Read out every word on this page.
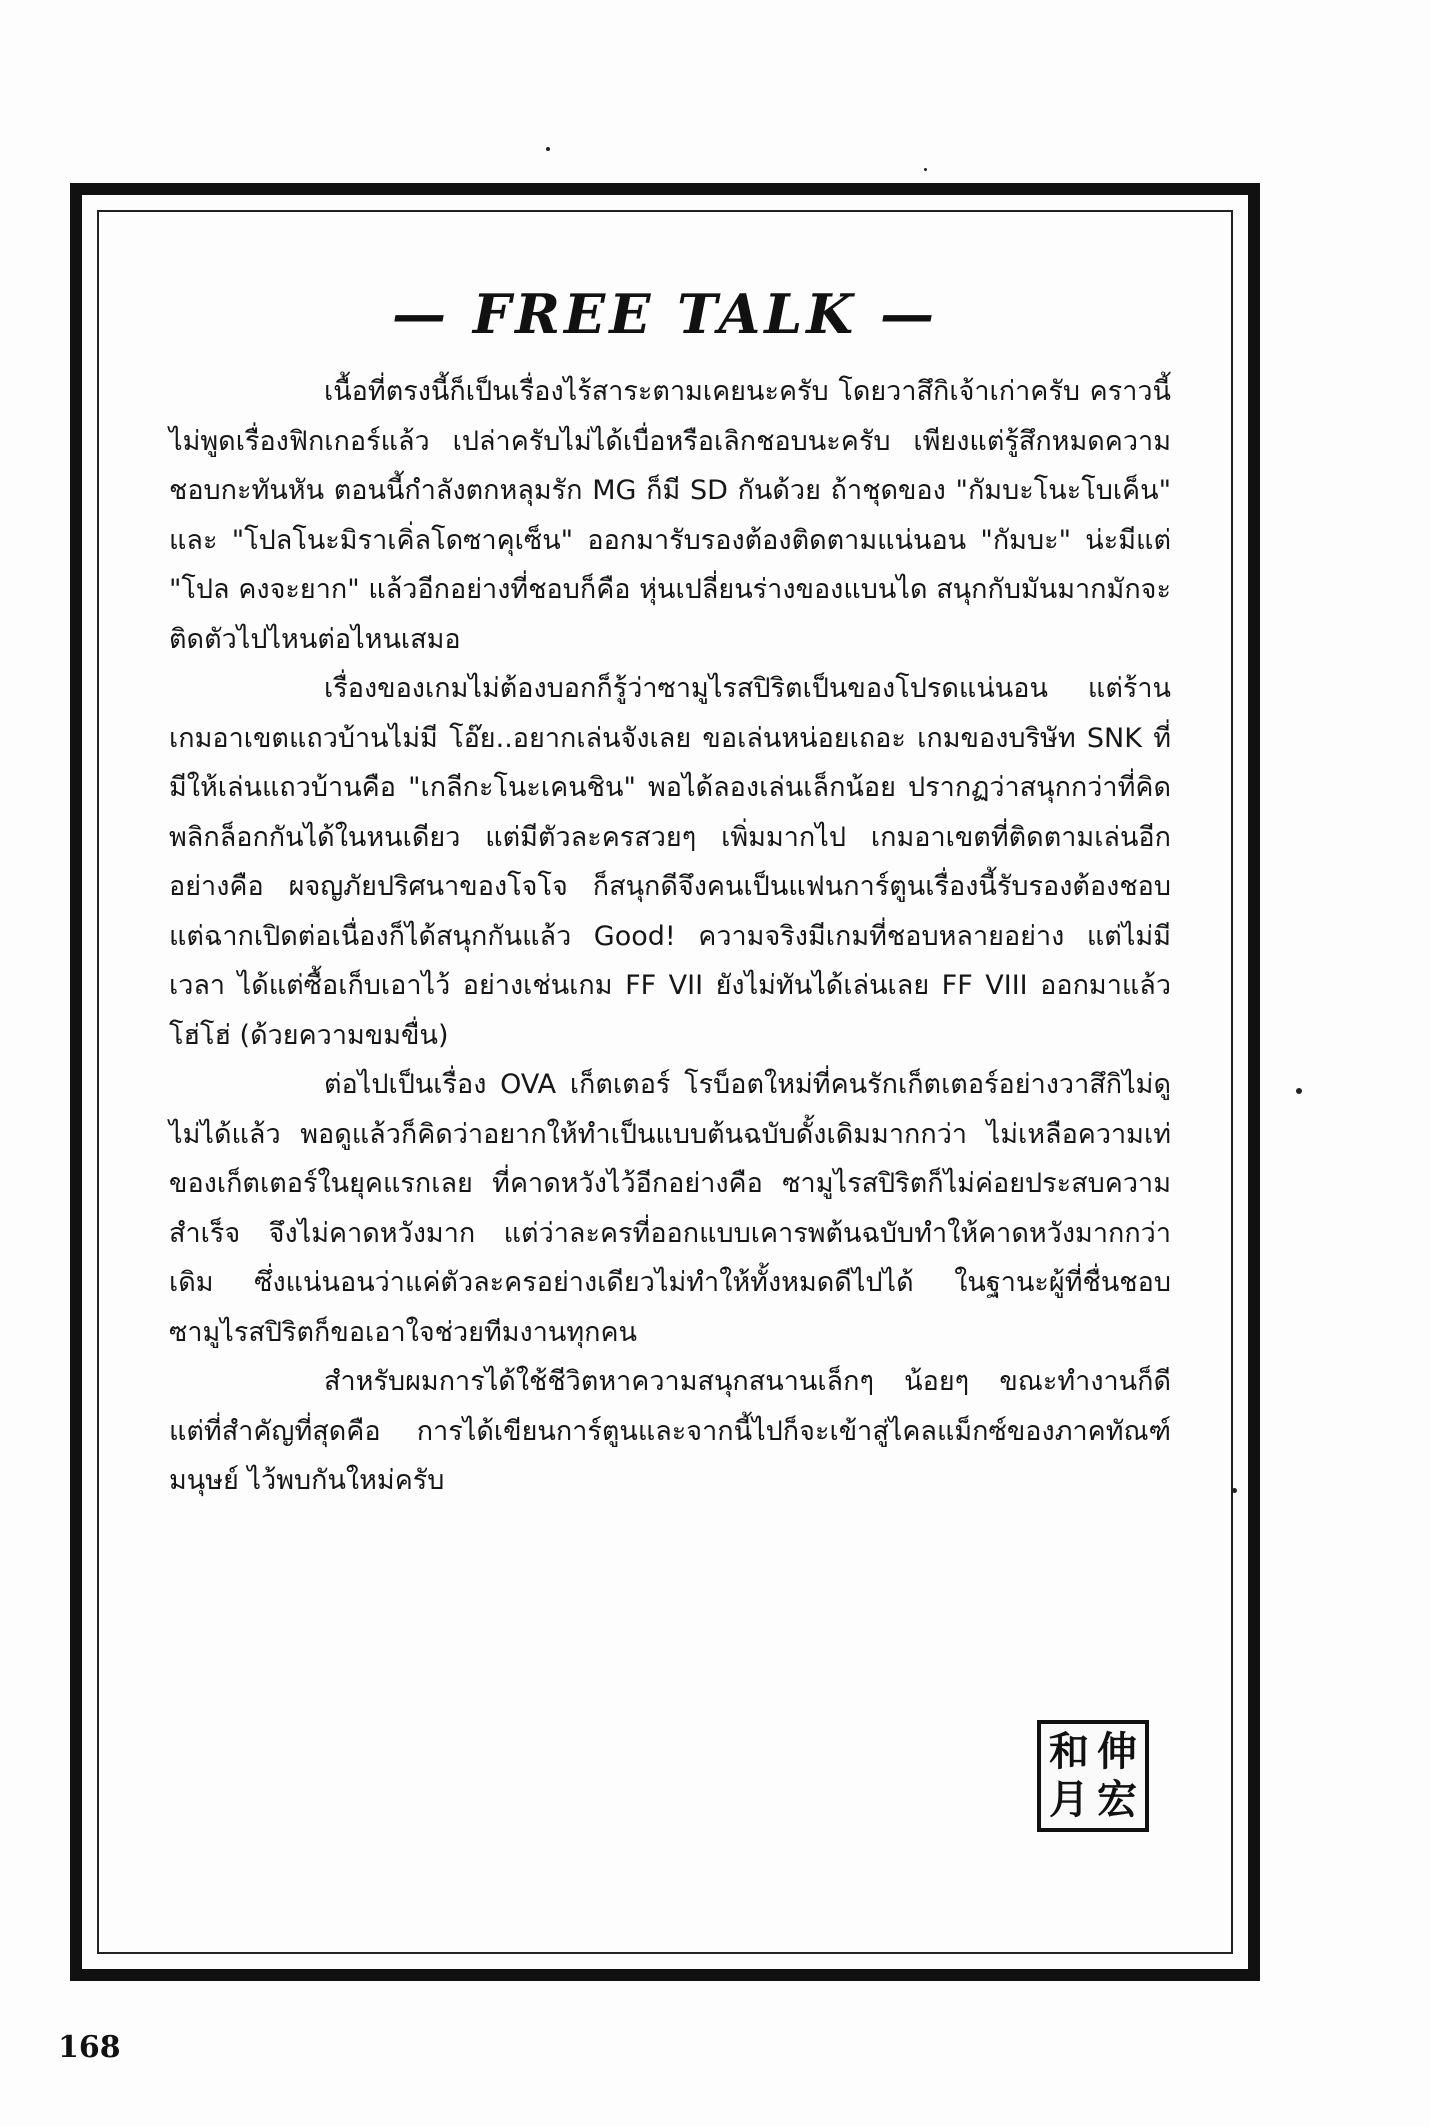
— FREE TALK —

เนื้อที่ตรงนี้ก็เป็นเรื่องไร้สาระตามเคยนะครับ โดยวาสึกิเจ้าเก่าครับ คราวนี้ไม่พูดเรื่องฟิกเกอร์แล้ว เปล่าครับไม่ได้เบื่อหรือเลิกชอบนะครับ เพียงแต่รู้สึกหมดความชอบกะทันหัน ตอนนี้กำลังตกหลุมรัก MG ก็มี SD กันด้วย ถ้าชุดของ "กัมบะโนะโบเค็น" และ "โปลโนะมิราเคิ่ลโดซาคุเซ็น" ออกมารับรองต้องติดตามแน่นอน "กัมบะ" น่ะมีแต่ "โปล คงจะยาก" แล้วอีกอย่างที่ชอบก็คือ หุ่นเปลี่ยนร่างของแบนได สนุกกับมันมากมักจะติดตัวไปไหนต่อไหนเสมอ

เรื่องของเกมไม่ต้องบอกก็รู้ว่าซามูไรสปิริตเป็นของโปรดแน่นอน แต่ร้านเกมอาเขตแถวบ้านไม่มี โอ๊ย..อยากเล่นจังเลย ขอเล่นหน่อยเถอะ เกมของบริษัท SNK ที่มีให้เล่นแถวบ้านคือ "เกลีกะโนะเคนชิน" พอได้ลองเล่นเล็กน้อย ปรากฏว่าสนุกกว่าที่คิดพลิกล็อกกันได้ในหนเดียว แต่มีตัวละครสวยๆ เพิ่มมากไป เกมอาเขตที่ติดตามเล่นอีกอย่างคือ ผจญภัยปริศนาของโจโจ ก็สนุกดีจึงคนเป็นแฟนการ์ตูนเรื่องนี้รับรองต้องชอบ แต่ฉากเปิดต่อเนื่องก็ได้สนุกกันแล้ว Good! ความจริงมีเกมที่ชอบหลายอย่าง แต่ไม่มีเวลา ได้แต่ซื้อเก็บเอาไว้ อย่างเช่นเกม FF VII ยังไม่ทันได้เล่นเลย FF VIII ออกมาแล้ว โฮ่โฮ่ (ด้วยความขมขื่น)

ต่อไปเป็นเรื่อง OVA เก็ตเตอร์ โรบ็อตใหม่ที่คนรักเก็ตเตอร์อย่างวาสึกิไม่ดูไม่ได้แล้ว พอดูแล้วก็คิดว่าอยากให้ทำเป็นแบบต้นฉบับดั้งเดิมมากกว่า ไม่เหลือความเท่ของเก็ตเตอร์ในยุคแรกเลย ที่คาดหวังไว้อีกอย่างคือ ซามูไรสปิริตก็ไม่ค่อยประสบความสำเร็จ จึงไม่คาดหวังมาก แต่ว่าละครที่ออกแบบเคารพต้นฉบับทำให้คาดหวังมากกว่าเดิม ซึ่งแน่นอนว่าแค่ตัวละครอย่างเดียวไม่ทำให้ทั้งหมดดีไปได้ ในฐานะผู้ที่ชื่นชอบซามูไรสปิริตก็ขอเอาใจช่วยทีมงานทุกคน

สำหรับผมการได้ใช้ชีวิตหาความสนุกสนานเล็กๆ น้อยๆ ขณะทำงานก็ดี แต่ที่สำคัญที่สุดคือ การได้เขียนการ์ตูนและจากนี้ไปก็จะเข้าสู่ไคลแม็กซ์ของภาคทัณฑ์มนุษย์ ไว้พบกันใหม่ครับ

和 伸
月 宏
168
